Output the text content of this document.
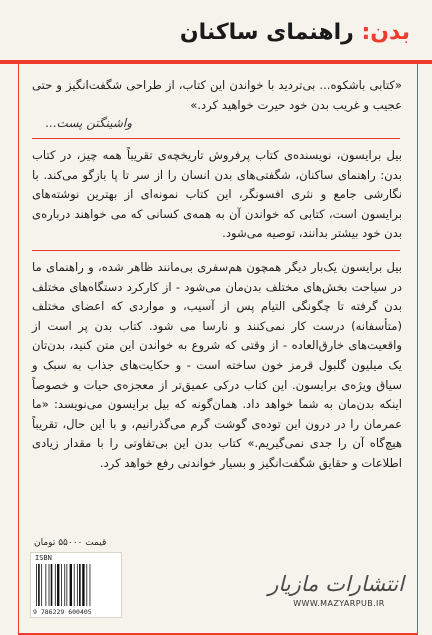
بدن: راهنمای ساکنان
«کتابی باشکوه... بی‌تردید با خواندن این کتاب، از طراحی شگفت‌انگیز و حتی عجیب و غریب بدن خود حیرت خواهید کرد.»
...واشینگتن پست
بیل برایسون، نویسنده‌ی کتاب پرفروش تاریخچه‌ی تقریباً همه چیز، در کتاب بدن: راهنمای ساکنان، شگفتی‌های بدن انسان را از سر تا پا بازگو می‌کند. با نگارشی جامع و نثری افسونگر، این کتاب نمونه‌ای از بهترین نوشته‌های برایسون است، کتابی که خواندن آن به همه‌ی کسانی که می خواهند درباره‌ی بدن خود بیشتر بدانند، توصیه می‌شود.
بیل برایسون یک‌بار دیگر همچون هم‌سفری بی‌مانند ظاهر شده، و راهنمای ما در سیاحت بخش‌های مختلف بدن‌مان می‌شود - از کارکرد دستگاه‌های مختلف بدن گرفته تا چگونگی التیام پس از آسیب، و مواردی که اعضای مختلف (متأسفانه) درست کار نمی‌کنند و نارسا می شود. کتاب بدن پر است از واقعیت‌های خارق‌العاده - از وقتی که شروع به خواندن این متن کنید، بدن‌تان یک میلیون گلبول قرمز خون ساخته است - و حکایت‌های جذاب به سبک و سیاق ویژه‌ی برایسون. این کتاب درکی عمیق‌تر از معجزه‌ی حیات و خصوصاً اینکه بدن‌مان به شما خواهد داد. همان‌گونه که بیل برایسون می‌نویسد: «ما عمرمان را در درون این توده‌ی گوشت گرم می‌گذرانیم، و با این حال، تقریباً هیچ‌گاه آن را جدی نمی‌گیریم.» کتاب بدن این بی‌تفاوتی را با مقدار زیادی اطلاعات و حقایق شگفت‌انگیز و بسیار خواندنی رفع خواهد کرد.
قیمت ۵۵۰۰۰ تومان
ISBN
9 786229 600405
انتشارات مازیار
WWW.MAZYARPUB.IR
